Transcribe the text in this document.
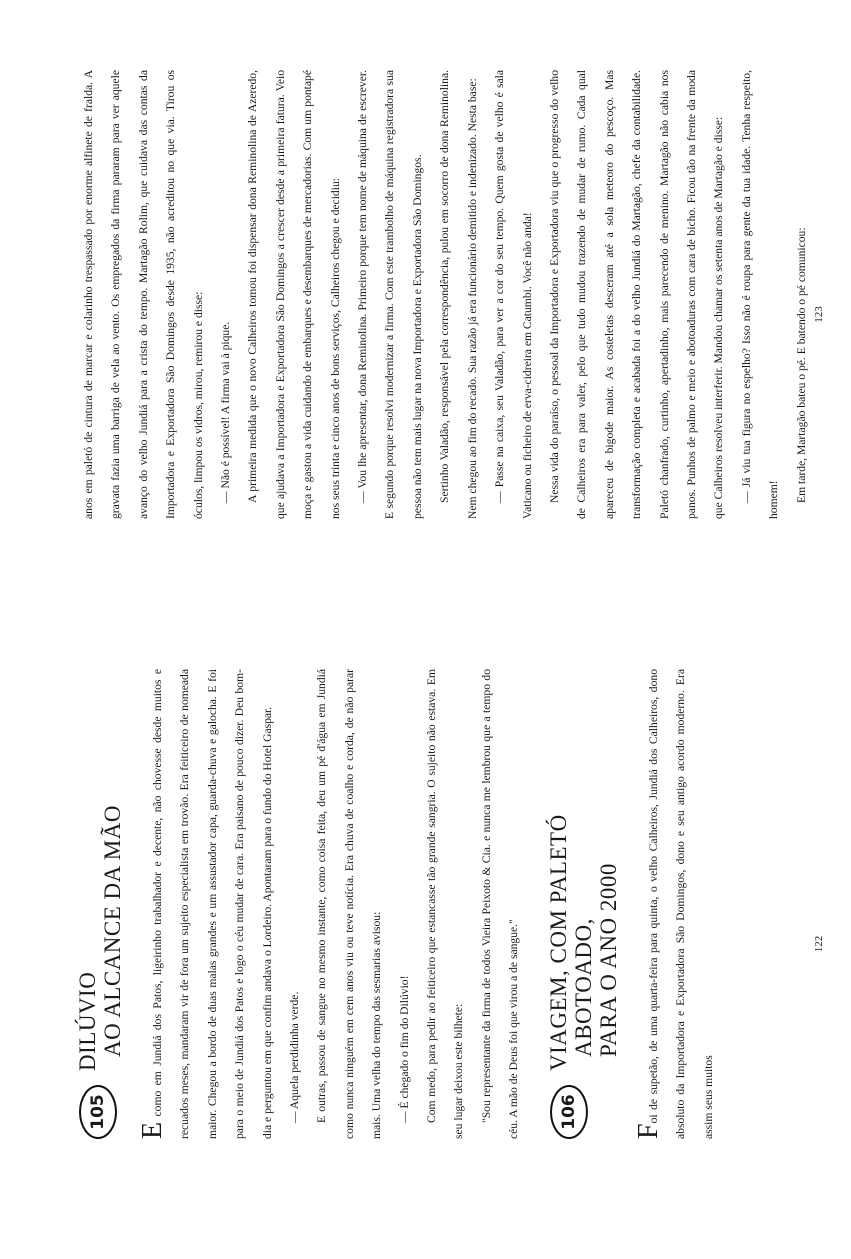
105
DILÚVIO AO ALCANCE DA MÃO

E como em Jundiá dos Patos, ligeirinho trabalhador e decente, não chovesse desde muitos e recuados meses, mandaram vir de fora um sujeito especialista em trovão. Era feiticeiro de nomeada maior. Chegou a bordo de duas malas grandes e um assustador capa, guarda-chuva e galocha. E foi para o meio de Jundiá dos Patos e logo o céu mudar de cara. Era paisano de pouco dizer. Deu bom-dia e perguntou em que confim andava o Lordeiro. Apontaram para o fundo do Hotel Gaspar.	— Aquela perdidinha verde.	E outras, passou de sangue no mesmo instante, como coisa feita, deu um pé d'água em Jundiá como nunca ninguém em cem anos viu ou teve notícia. Era chuva de coalho e corda, de não parar mais. Uma velha do tempo das sesmarias avisou:	— É chegado o fim do Dilúvio!	Com medo, para pedir ao feiticeiro que estancasse tão grande sangria. O sujeito não estava. Em seu lugar deixou este bilhete:	"Sou representante da firma de todos Vieira Peixoto & Cia. e nunca me lembrou que a tempo do céu. A mão de Deus foi que virou a de sangue."	106
VIAGEM, COM PALETÓ ABOTOADO, PARA O ANO 2000

Foi de supetão, de uma quarta-feira para quinta, o velho Calheiros, Jundiá dos Calheiros, dono absoluto da Importadora e Exportadora São Domingos, dono e seu antigo acordo moderno. Era assim seus muitos

122

anos em paletó de cintura de marcar e colarinho trespassado por enorme alfinete de fralda. A gravata fazia uma barriga de vela ao vento. Os empregados da firma pararam para ver aquele avanço do velho Jundiá para a crista do tempo. Martagão Rolim, que cuidava das contas da Importadora e Exportadora São Domingos desde 1935, não acreditou no que via. Tirou os óculos, limpou os vidros, mirou, remirou e disse:	— Não é possível! A firma vai à pique.	A primeira medida que o novo Calheiros tomou foi dispensar dona Reminolina de Azeredo, que ajudava a Importadora e Exportadora São Domingos a crescer desde a primeira fatura. Veio moça e gastou a vida cuidando de embarques e desembarques de mercadorias. Com um pontapé nos seus trinta e cinco anos de bons serviços, Calheiros chegou e decidiu:	— Vou lhe apresentar, dona Reminolina. Primeiro porque tem nome de máquina de escrever. E segundo porque resolvi modernizar a firma. Com este trambolho de máquina registradora sua pessoa não tem mais lugar na nova Importadora e Exportadora São Domingos.	Sertinho Valadão, responsável pela correspondência, pulou em socorro de dona Reminolina. Nem chegou ao fim do recado. Sua razão já era funcionário demitido e indenizado. Nesta base:	— Passe na caixa, seu Valadão, para ver a cor do seu tempo. Quem gosta de velho é sala Vaticano ou ficheiro de erva-cidreira em Catumbi. Você não anda!	Nessa vida do paraíso, o pessoal da Importadora e Exportadora viu que o progresso do velho de Calheiros era para valer, pelo que tudo mudou trazendo de mudar de rumo. Cada qual apareceu de bigode maior. As costeletas desceram até a sola meteoro do pescoço. Mas transformação completa e acabada foi a do velho Jundiá do Martagão, chefe da contabilidade. Paletó chanfrado, curtinho, apertadinho, mais parecendo de menino. Martagão não cabia nos panos. Punhos de palmo e meio e abotoaduras com cara de bicho. Ficou tão na frente da moda que Calheiros resolveu interferir. Mandou chamar os setenta anos de Martagão e disse:	— Já viu tua figura no espelho? Isso não é roupa para gente da tua idade. Tenha respeito, homem!	Em tarde, Martagão bateu o pé. E batendo o pé comunicou: 123
